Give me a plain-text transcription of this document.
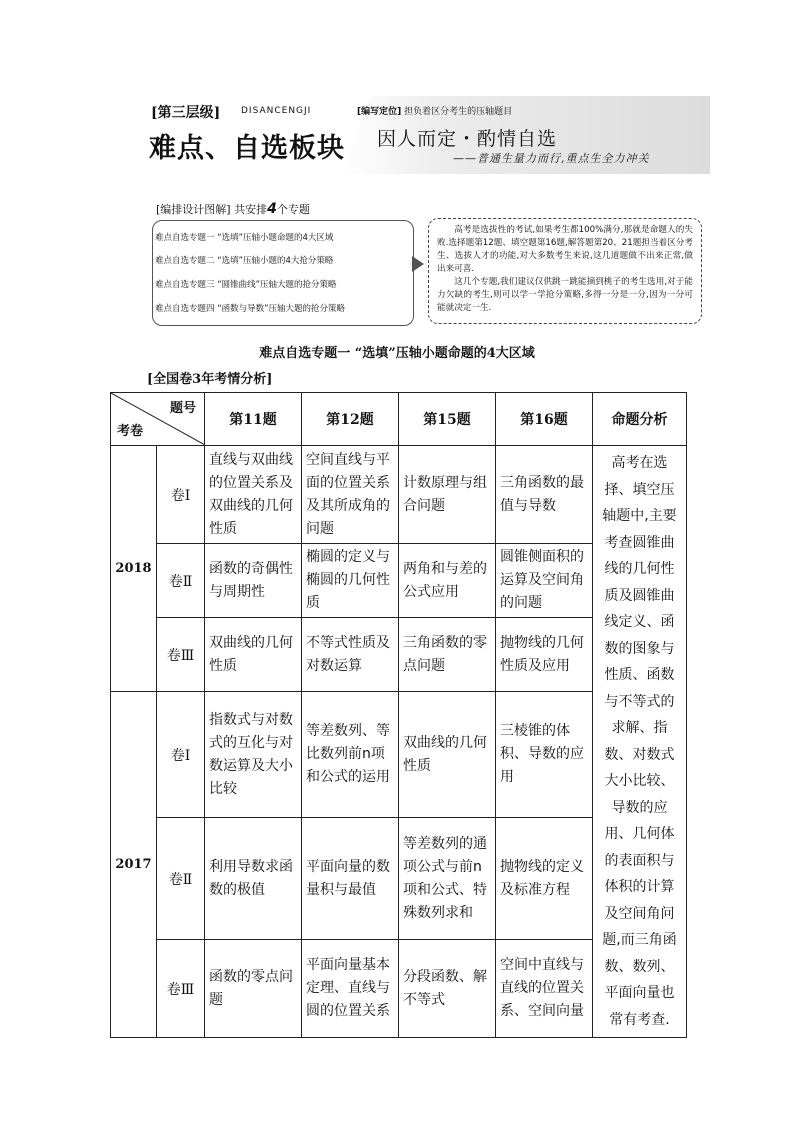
[第三层级] DISANCENGJI
难点、自选板块
[编写定位] 担负着区分考生的压轴题目
因人而定・酌情自选
——普通生量力而行,重点生全力冲关
[编排设计图解] 共安排4个专题
难点自选专题一 “选填”压轴小题命题的4大区域
难点自选专题二 “选填”压轴小题的4大抢分策略
难点自选专题三 “圆锥曲线”压轴大题的抢分策略
难点自选专题四 “函数与导数”压轴大题的抢分策略

高考是选拔性的考试,如果考生都100%满分,那就是命题人的失败.选择题第12题、填空题第16题,解答题第20、21题担当着区分考生、选拔人才的功能,对大多数考生来说,这几道题做不出来正常,做出来可喜.

这几个专题,我们建议仅供跳一跳能摘到桃子的考生选用,对于能力欠缺的考生,则可以学一学抢分策略,多得一分是一分,因为一分可能就决定一生.

难点自选专题一 “选填”压轴小题命题的4大区域
[全国卷3年考情分析]
题号
考卷		第11题	第12题	第15题	第16题	命题分析
2018	卷Ⅰ	直线与双曲线的位置关系及双曲线的几何性质	空间直线与平面的位置关系及其所成角的问题	计数原理与组合问题	三角函数的最值与导数	高考在选择、填空压轴题中,主要考查圆锥曲线的几何性质及圆锥曲线定义、函数的图象与性质、函数与不等式的求解、指数、对数式大小比较、导数的应用、几何体的表面积与体积的计算及空间角问题,而三角函数、数列、平面向量也常有考查.
	卷Ⅱ	函数的奇偶性与周期性	椭圆的定义与椭圆的几何性质	两角和与差的公式应用	圆锥侧面积的运算及空间角的问题	
	卷Ⅲ	双曲线的几何性质	不等式性质及对数运算	三角函数的零点问题	抛物线的几何性质及应用	
2017	卷Ⅰ	指数式与对数式的互化与对数运算及大小比较	等差数列、等比数列前n项和公式的运用	双曲线的几何性质	三棱锥的体积、导数的应用	
	卷Ⅱ	利用导数求函数的极值	平面向量的数量积与最值	等差数列的通项公式与前n项和公式、特殊数列求和	抛物线的定义及标准方程	
	卷Ⅲ	函数的零点问题	平面向量基本定理、直线与圆的位置关系	分段函数、解不等式	空间中直线与直线的位置关系、空间向量	
